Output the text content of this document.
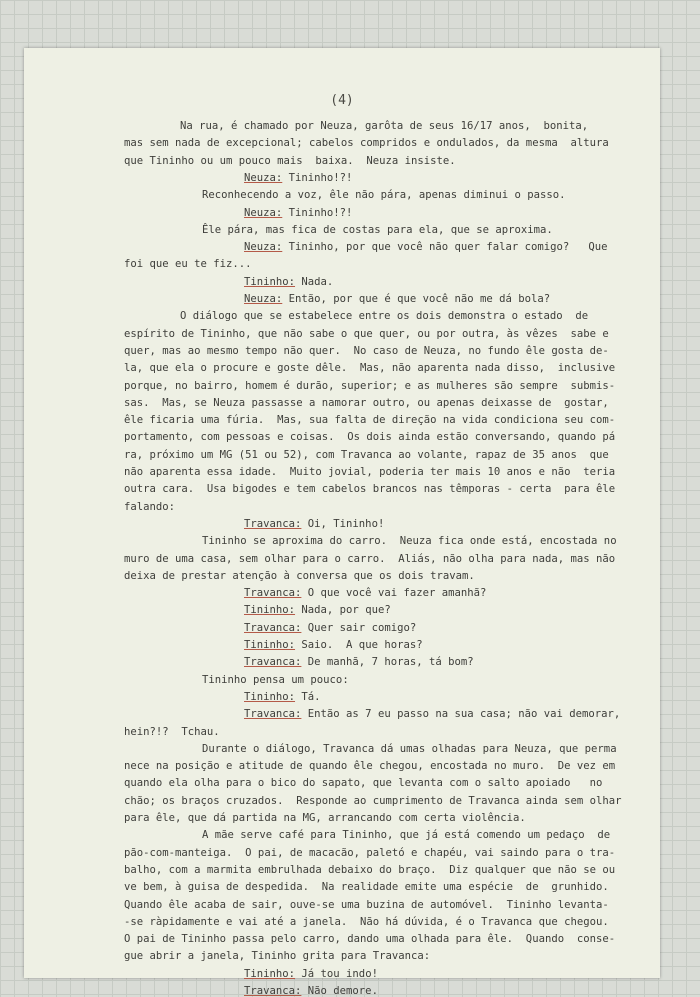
(4)
Na rua, é chamado por Neuza, garôta de seus 16/17 anos,  bonita,
mas sem nada de excepcional; cabelos compridos e ondulados, da mesma  altura
que Tininho ou um pouco mais  baixa.  Neuza insiste.
Neuza: Tininho!?!
Reconhecendo a voz, êle não pára, apenas diminui o passo.
Neuza: Tininho!?!
Êle pára, mas fica de costas para ela, que se aproxima.
Neuza: Tininho, por que você não quer falar comigo?   Que
foi que eu te fiz...
Tininho: Nada.
Neuza: Então, por que é que você não me dá bola?
O diálogo que se estabelece entre os dois demonstra o estado  de
espírito de Tininho, que não sabe o que quer, ou por outra, às vêzes  sabe e
quer, mas ao mesmo tempo não quer.  No caso de Neuza, no fundo êle gosta de-
la, que ela o procure e goste dêle.  Mas, não aparenta nada disso,  inclusive
porque, no bairro, homem é durão, superior; e as mulheres são sempre  submis-
sas.  Mas, se Neuza passasse a namorar outro, ou apenas deixasse de  gostar,
êle ficaria uma fúria.  Mas, sua falta de direção na vida condiciona seu com-
portamento, com pessoas e coisas.  Os dois ainda estão conversando, quando pá
ra, próximo um MG (51 ou 52), com Travanca ao volante, rapaz de 35 anos  que
não aparenta essa idade.  Muito jovial, poderia ter mais 10 anos e não  teria
outra cara.  Usa bigodes e tem cabelos brancos nas têmporas - certa  para êle
falando:
Travanca: Oi, Tininho!
Tininho se aproxima do carro.  Neuza fica onde está, encostada no
muro de uma casa, sem olhar para o carro.  Aliás, não olha para nada, mas não
deixa de prestar atenção à conversa que os dois travam.
Travanca: O que você vai fazer amanhã?
Tininho: Nada, por que?
Travanca: Quer sair comigo?
Tininho: Saio.  A que horas?
Travanca: De manhã, 7 horas, tá bom?
Tininho pensa um pouco:
Tininho: Tá.
Travanca: Então as 7 eu passo na sua casa; não vai demorar,
hein?!?  Tchau.
Durante o diálogo, Travanca dá umas olhadas para Neuza, que perma
nece na posição e atitude de quando êle chegou, encostada no muro.  De vez em
quando ela olha para o bico do sapato, que levanta com o salto apoiado   no
chão; os braços cruzados.  Responde ao cumprimento de Travanca ainda sem olhar
para êle, que dá partida na MG, arrancando com certa violência.
A mãe serve café para Tininho, que já está comendo um pedaço  de
pão-com-manteiga.  O pai, de macacão, paletó e chapéu, vai saindo para o tra-
balho, com a marmita embrulhada debaixo do braço.  Diz qualquer que não se ou
ve bem, à guisa de despedida.  Na realidade emite uma espécie  de  grunhido.
Quando êle acaba de sair, ouve-se uma buzina de automóvel.  Tininho levanta-
-se ràpidamente e vai até a janela.  Não há dúvida, é o Travanca que chegou.
O pai de Tininho passa pelo carro, dando uma olhada para êle.  Quando  conse-
gue abrir a janela, Tininho grita para Travanca:
Tininho: Já tou indo!
Travanca: Não demore.
